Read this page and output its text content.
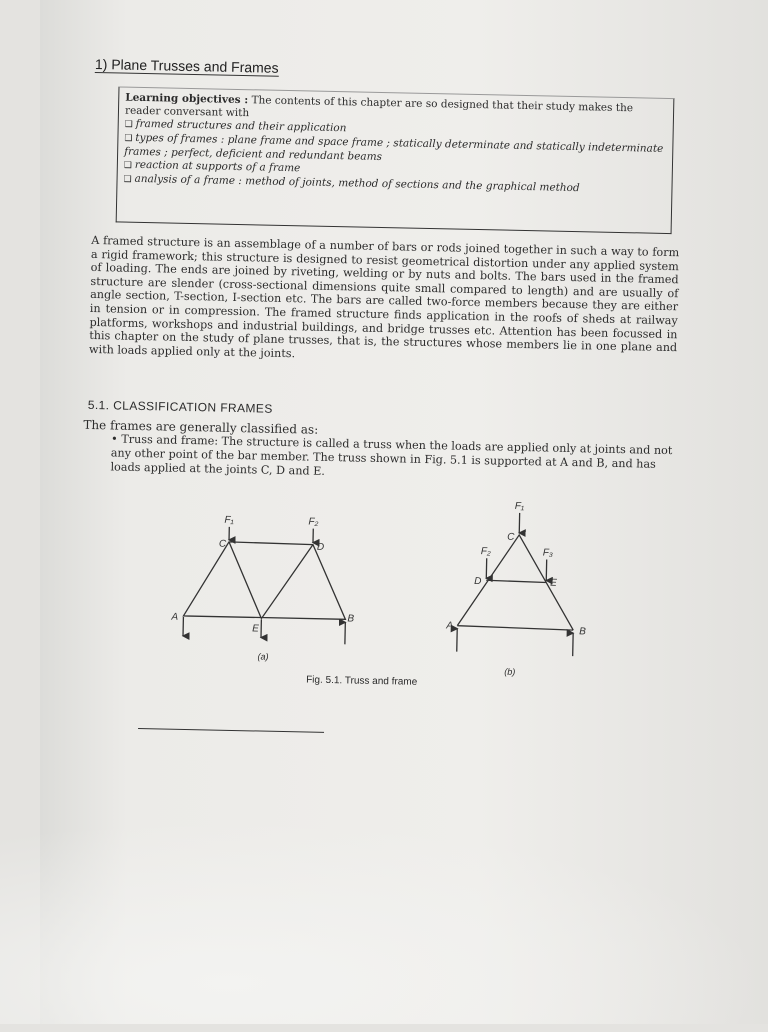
1) Plane Trusses and Frames
Learning objectives : The contents of this chapter are so designed that their study makes the reader conversant with
❏ framed structures and their application
❏ types of frames : plane frame and space frame ; statically determinate and statically indeterminate frames ; perfect, deficient and redundant beams
❏ reaction at supports of a frame
❏ analysis of a frame : method of joints, method of sections and the graphical method
A framed structure is an assemblage of a number of bars or rods joined together in such a way to form a rigid framework; this structure is designed to resist geometrical distortion under any applied system of loading. The ends are joined by riveting, welding or by nuts and bolts. The bars used in the framed structure are slender (cross-sectional dimensions quite small compared to length) and are usually of angle section, T-section, I-section etc. The bars are called two-force members because they are either in tension or in compression. The framed structure finds application in the roofs of sheds at railway platforms, workshops and industrial buildings, and bridge trusses etc. Attention has been focussed in this chapter on the study of plane trusses, that is, the structures whose members lie in one plane and with loads applied only at the joints.
5.1. CLASSIFICATION FRAMES
The frames are generally classified as:
• Truss and frame: The structure is called a truss when the loads are applied only at joints and not any other point of the bar member. The truss shown in Fig. 5.1 is supported at A and B, and has loads applied at the joints C, D and E.
A	B
C	D
E
F₁	F₂
A
B
C
D	E
F₁
F₂	F₃
(a)
(b)
Fig. 5.1. Truss and frame
